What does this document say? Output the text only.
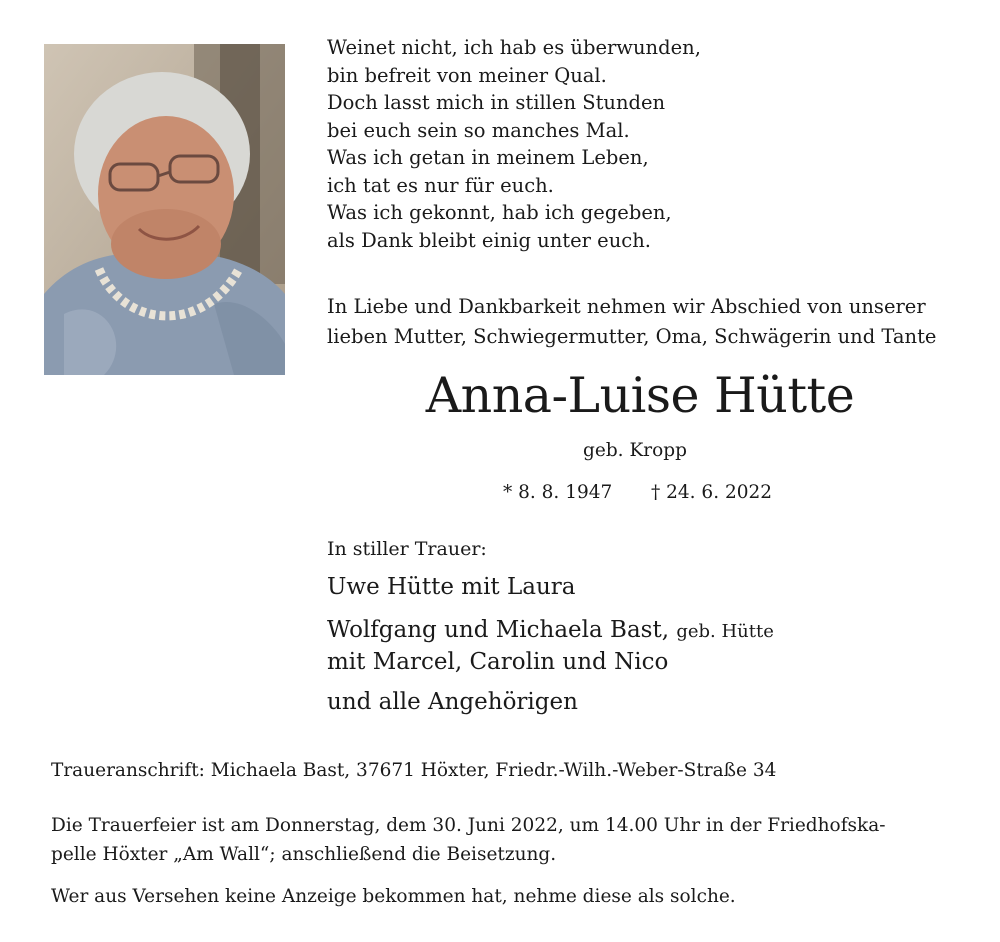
Weinet nicht, ich hab es überwunden,
bin befreit von meiner Qual.
Doch lasst mich in stillen Stunden
bei euch sein so manches Mal.
Was ich getan in meinem Leben,
ich tat es nur für euch.
Was ich gekonnt, hab ich gegeben,
als Dank bleibt einig unter euch.
In Liebe und Dankbarkeit nehmen wir Abschied von unserer
lieben Mutter, Schwiegermutter, Oma, Schwägerin und Tante
Anna-Luise Hütte
geb. Kropp
* 8. 8. 1947 † 24. 6. 2022
In stiller Trauer:
Uwe Hütte mit Laura
Wolfgang und Michaela Bast, geb. Hütte
mit Marcel, Carolin und Nico
und alle Angehörigen
Traueranschrift: Michaela Bast, 37671 Höxter, Friedr.-Wilh.-Weber-Straße 34
Die Trauerfeier ist am Donnerstag, dem 30. Juni 2022, um 14.00 Uhr in der Friedhofska-
pelle Höxter „Am Wall“; anschließend die Beisetzung.
Wer aus Versehen keine Anzeige bekommen hat, nehme diese als solche.
